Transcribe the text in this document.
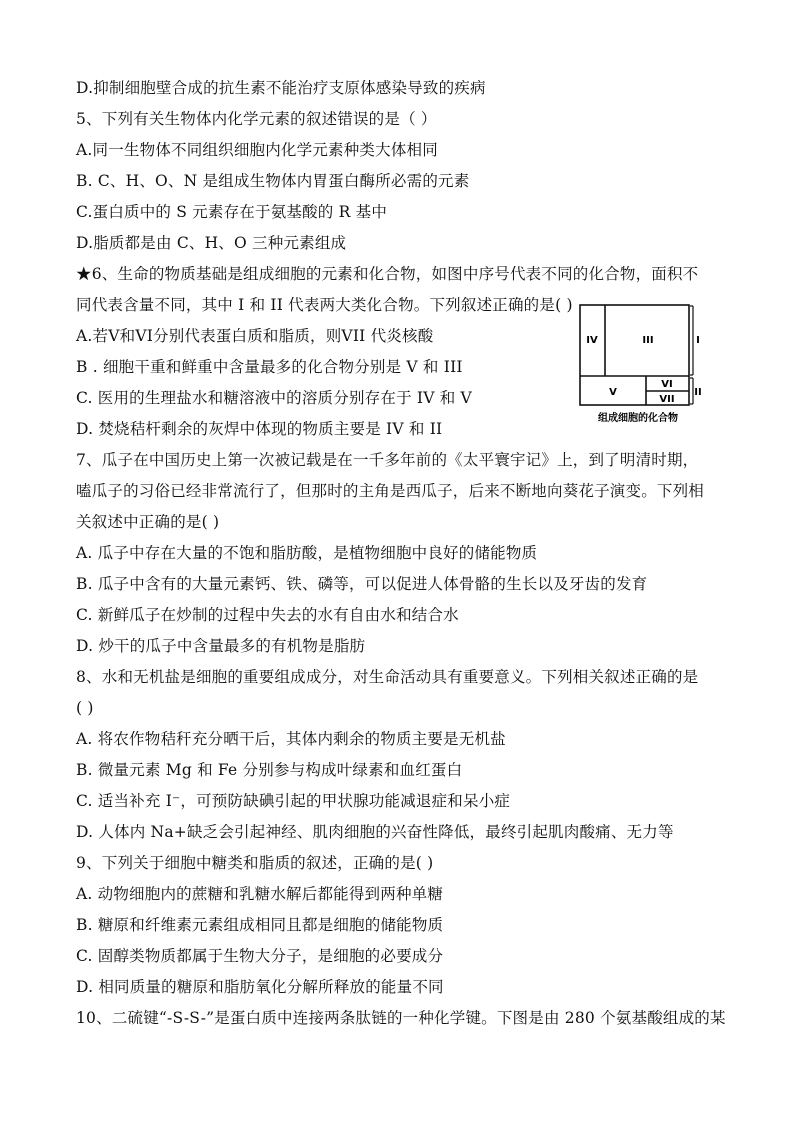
D.抑制细胞壁合成的抗生素不能治疗支原体感染导致的疾病
5、下列有关生物体内化学元素的叙述错误的是（ ）
A.同一生物体不同组织细胞内化学元素种类大体相同
B. C、H、O、N 是组成生物体内胃蛋白酶所必需的元素
C.蛋白质中的 S 元素存在于氨基酸的 R 基中
D.脂质都是由 C、H、O 三种元素组成
★6、生命的物质基础是组成细胞的元素和化合物，如图中序号代表不同的化合物，面积不
同代表含量不同，其中 I 和 II 代表两大类化合物。下列叙述正确的是( )
A.若Ⅴ和ⅤⅠ分别代表蛋白质和脂质，则ⅤII 代炎核酸
B . 细胞干重和鲜重中含量最多的化合物分别是 V 和 III
C. 医用的生理盐水和糖溶液中的溶质分别存在于 IV 和 V
D. 焚烧秸杆剩余的灰焊中体现的物质主要是 IV 和 II
7、瓜子在中国历史上第一次被记载是在一千多年前的《太平寰宇记》上，到了明清时期，
嗑瓜子的习俗已经非常流行了，但那时的主角是西瓜子，后来不断地向葵花子演变。下列相
关叙述中正确的是( )
A. 瓜子中存在大量的不饱和脂肪酸，是植物细胞中良好的储能物质
B. 瓜子中含有的大量元素钙、铁、磷等，可以促进人体骨骼的生长以及牙齿的发育
C. 新鲜瓜子在炒制的过程中失去的水有自由水和结合水
D. 炒干的瓜子中含量最多的有机物是脂肪
8、水和无机盐是细胞的重要组成成分，对生命活动具有重要意义。下列相关叙述正确的是
( )
A. 将农作物秸秆充分晒干后，其体内剩余的物质主要是无机盐
B. 微量元素 Mg 和 Fe 分别参与构成叶绿素和血红蛋白
C. 适当补充 I⁻，可预防缺碘引起的甲状腺功能减退症和呆小症
D. 人体内 Na+缺乏会引起神经、肌肉细胞的兴奋性降低，最终引起肌肉酸痛、无力等
9、下列关于细胞中糖类和脂质的叙述，正确的是( )
A. 动物细胞内的蔗糖和乳糖水解后都能得到两种单糖
B. 糖原和纤维素元素组成相同且都是细胞的储能物质
C. 固醇类物质都属于生物大分子，是细胞的必要成分
D. 相同质量的糖原和脂肪氧化分解所释放的能量不同
10、二硫键“-S-S-”是蛋白质中连接两条肽链的一种化学键。下图是由 280 个氨基酸组成的某
IV	III
V
VI
VII
I
II
组成细胞的化合物
